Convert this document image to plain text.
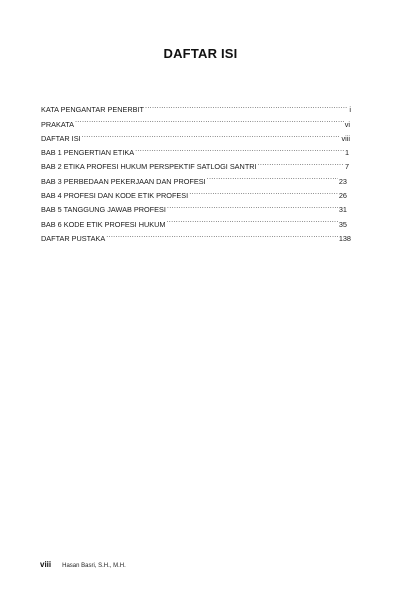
DAFTAR ISI
KATA PENGANTAR PENERBIT .....	i
PRAKATA .....	vi
DAFTAR ISI .....	viii
BAB 1 PENGERTIAN ETIKA .....	1
BAB 2 ETIKA PROFESI HUKUM PERSPEKTIF SATLOGI SANTRI .....	7
BAB 3 PERBEDAAN PEKERJAAN DAN PROFESI .....	23
BAB 4 PROFESI DAN KODE ETIK PROFESI .....	26
BAB 5 TANGGUNG JAWAB PROFESI .....	31
BAB 6 KODE ETIK PROFESI HUKUM .....	35
DAFTAR PUSTAKA .....	138
viii Hasan Basri, S.H., M.H.
